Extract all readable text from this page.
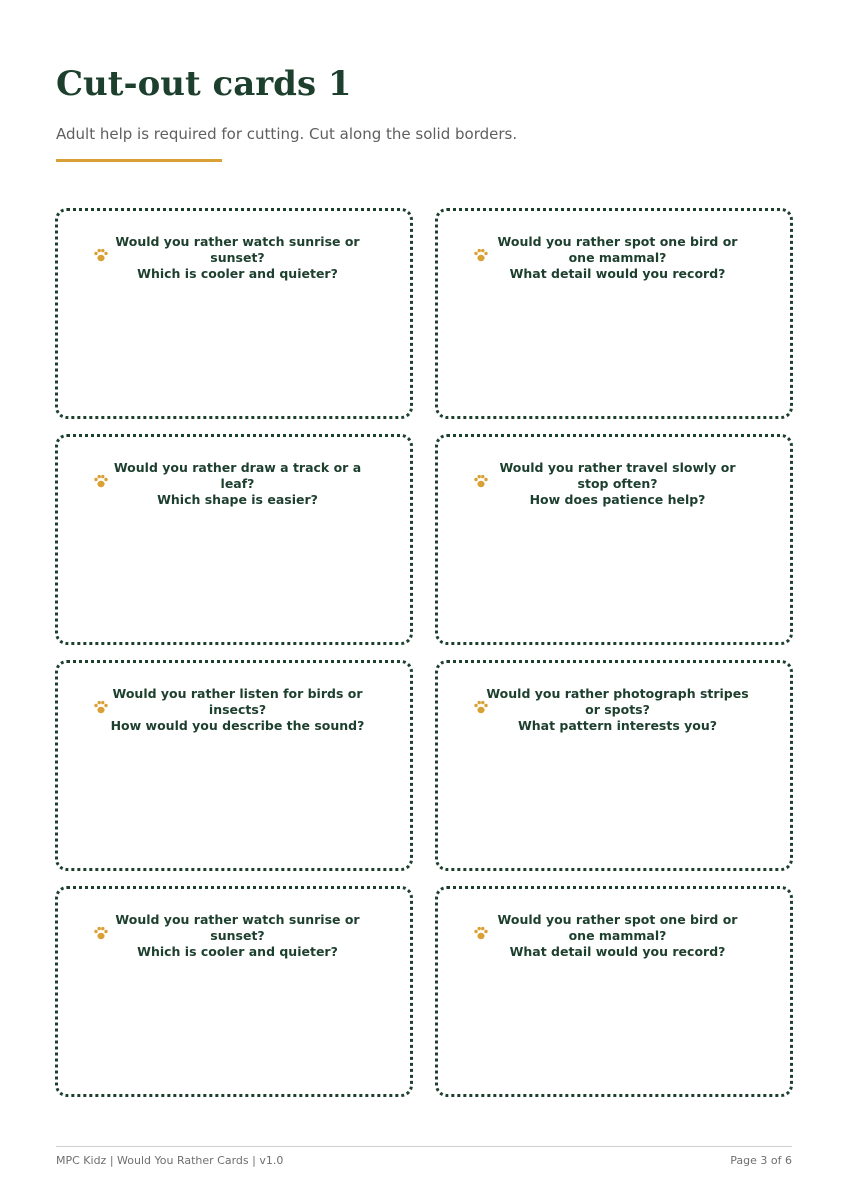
Cut-out cards 1

Adult help is required for cutting. Cut along the solid borders.

Would you rather watch sunrise or sunset?
Which is cooler and quieter?
Would you rather spot one bird or one mammal?
What detail would you record?
Would you rather draw a track or a leaf?
Which shape is easier?
Would you rather travel slowly or stop often?
How does patience help?
Would you rather listen for birds or insects?
How would you describe the sound?
Would you rather photograph stripes or spots?
What pattern interests you?
Would you rather watch sunrise or sunset?
Which is cooler and quieter?
Would you rather spot one bird or one mammal?
What detail would you record?
MPC Kidz | Would You Rather Cards | v1.0	Page 3 of 6
